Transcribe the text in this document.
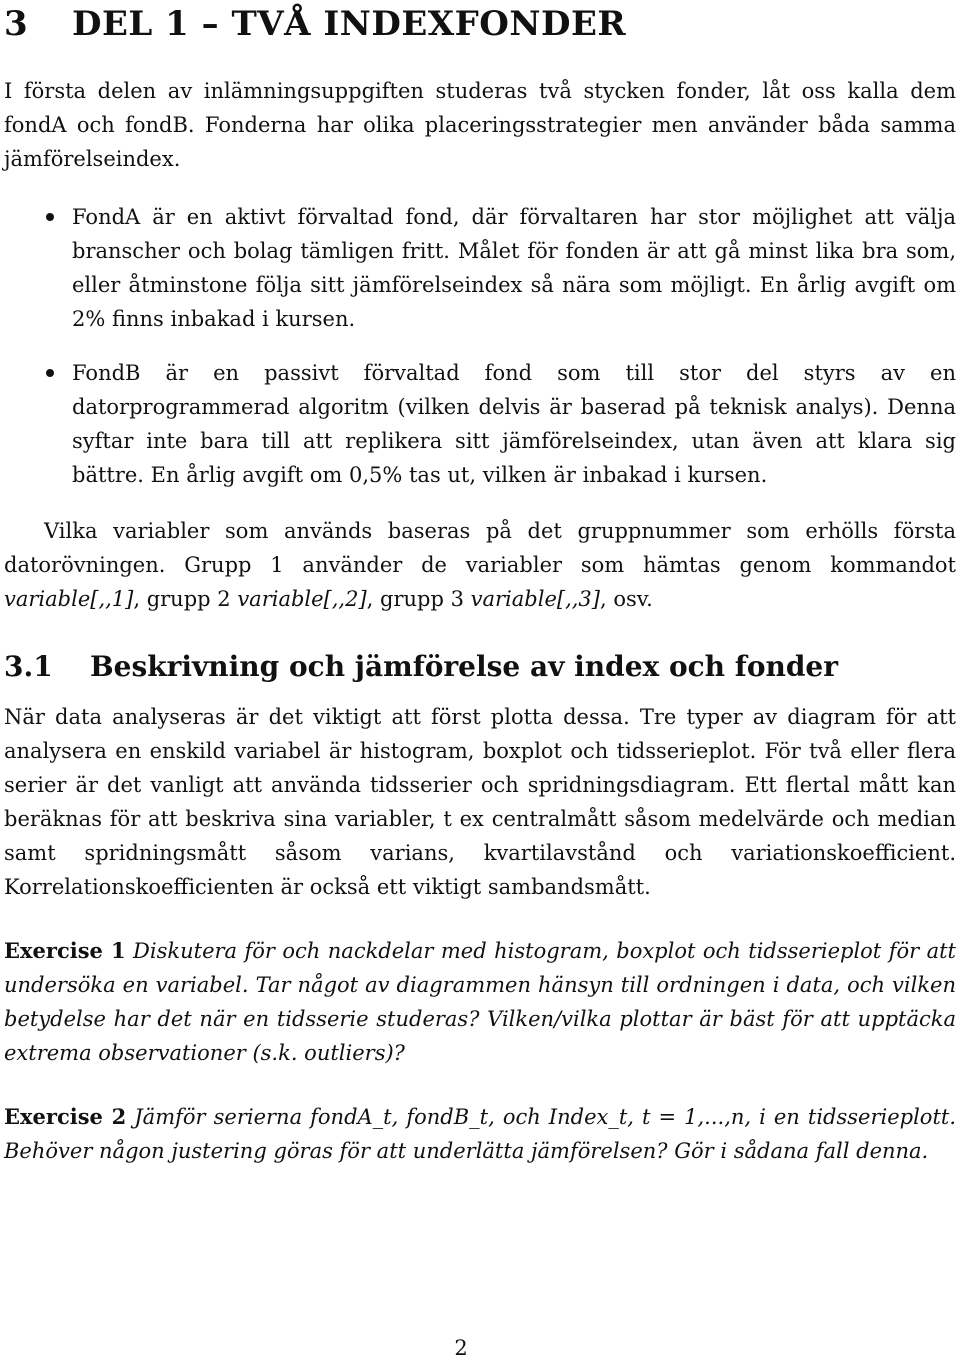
3 DEL 1 – TVÅ INDEXFONDER

I första delen av inlämningsuppgiften studeras två stycken fonder, låt oss kalla dem fondA och fondB. Fonderna har olika placeringsstrategier men använder båda samma jämförelseindex.

FondA är en aktivt förvaltad fond, där förvaltaren har stor möjlighet att välja branscher och bolag tämligen fritt. Målet för fonden är att gå minst lika bra som, eller åtminstone följa sitt jämförelseindex så nära som möjligt. En årlig avgift om 2% finns inbakad i kursen.
FondB är en passivt förvaltad fond som till stor del styrs av en datorprogrammerad algoritm (vilken delvis är baserad på teknisk analys). Denna syftar inte bara till att replikera sitt jämförelseindex, utan även att klara sig bättre. En årlig avgift om 0,5% tas ut, vilken är inbakad i kursen.

Vilka variabler som används baseras på det gruppnummer som erhölls första datorövningen. Grupp 1 använder de variabler som hämtas genom kommandot variable[,,1], grupp 2 variable[,,2], grupp 3 variable[,,3], osv.

3.1 Beskrivning och jämförelse av index och fonder

När data analyseras är det viktigt att först plotta dessa. Tre typer av diagram för att analysera en enskild variabel är histogram, boxplot och tidsserieplot. För två eller flera serier är det vanligt att använda tidsserier och spridningsdiagram. Ett flertal mått kan beräknas för att beskriva sina variabler, t ex centralmått såsom medelvärde och median samt spridningsmått såsom varians, kvartilavstånd och variationskoefficient. Korrelationskoefficienten är också ett viktigt sambandsmått.

Exercise 1 Diskutera för och nackdelar med histogram, boxplot och tidsserieplot för att undersöka en variabel. Tar något av diagrammen hänsyn till ordningen i data, och vilken betydelse har det när en tidsserie studeras? Vilken/vilka plottar är bäst för att upptäcka extrema observationer (s.k. outliers)?

Exercise 2 Jämför serierna fondA_t, fondB_t, och Index_t, t = 1,...,n, i en tidsserieplott. Behöver någon justering göras för att underlätta jämförelsen? Gör i sådana fall denna.

2
